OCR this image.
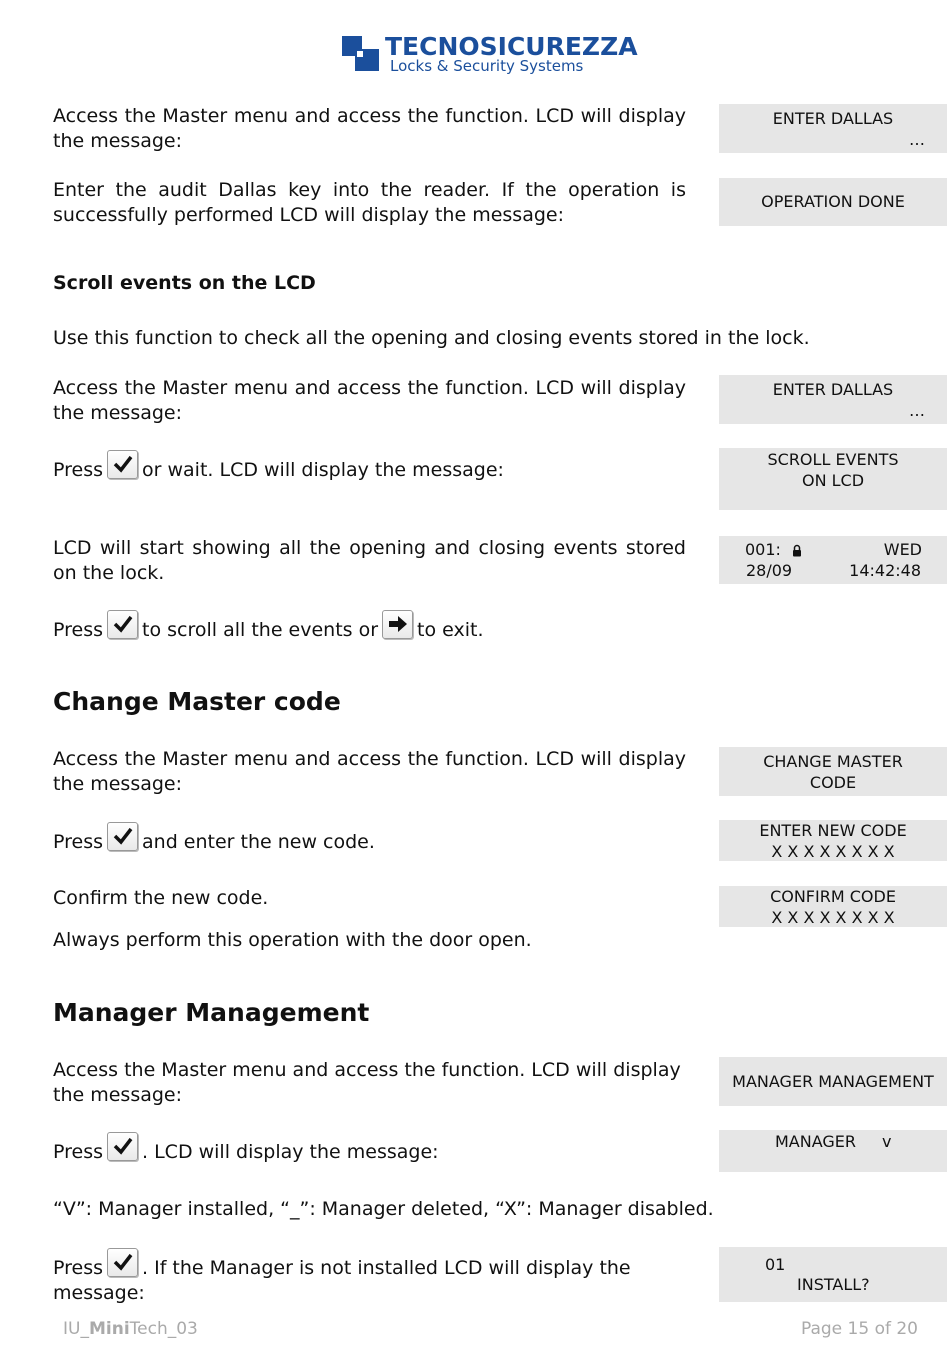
TECNOSICUREZZA
Locks & Security Systems
Access the Master menu and access the function. LCD will display the message:
ENTER DALLAS
…
Enter the audit Dallas key into the reader. If the operation is successfully performed LCD will display the message:
OPERATION DONE
Scroll events on the LCD
Use this function to check all the opening and closing events stored in the lock.
Access the Master menu and access the function. LCD will display the message:
ENTER DALLAS
…
Press or wait. LCD will display the message:	SCROLL EVENTS
ON LCD
LCD will start showing all the opening and closing events stored on the lock.
001:	WED
28/09	14:42:48
Press to scroll all the events or to exit.
Change Master code
Access the Master menu and access the function. LCD will display the message:
CHANGE MASTER
CODE
Press and enter the new code.
ENTER NEW CODE
X X X X X X X X
Confirm the new code.	CONFIRM CODE
X X X X X X X X
Always perform this operation with the door open.
Manager Management
Access the Master menu and access the function. LCD will display the message:
MANAGER MANAGEMENT
Press . LCD will display the message:	MANAGER v
“V”: Manager installed, “_”: Manager deleted, “X”: Manager disabled.
Press . If the Manager is not installed LCD will display the message:
01
INSTALL?
IU_MiniTech_03	Page 15 of 20
